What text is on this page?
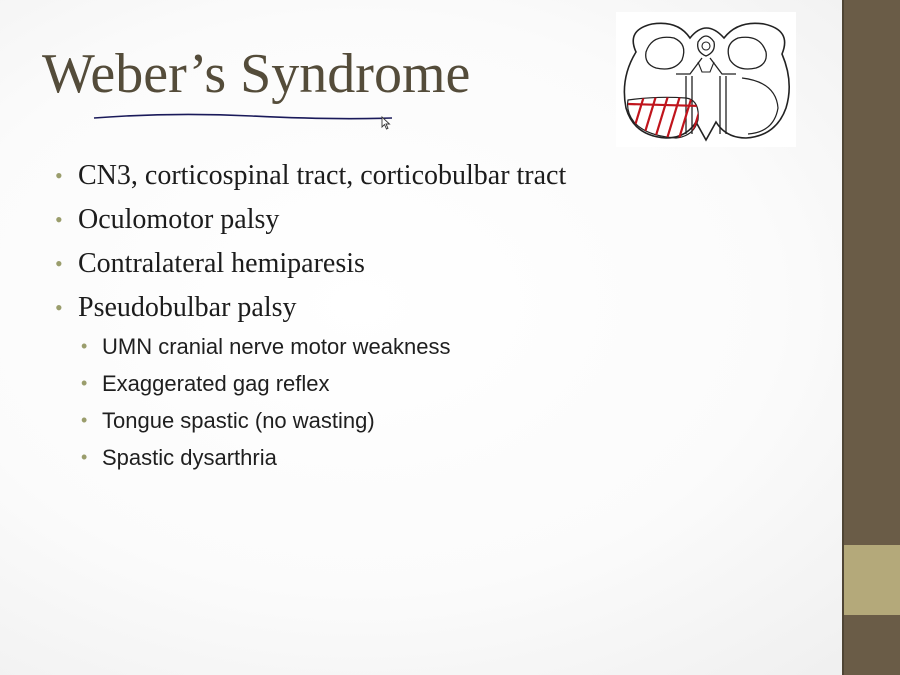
Weber’s Syndrome
• CN3, corticospinal tract, corticobulbar tract
• Oculomotor palsy
• Contralateral hemiparesis
• Pseudobulbar palsy
• UMN cranial nerve motor weakness
• Exaggerated gag reflex
• Tongue spastic (no wasting)
• Spastic dysarthria
